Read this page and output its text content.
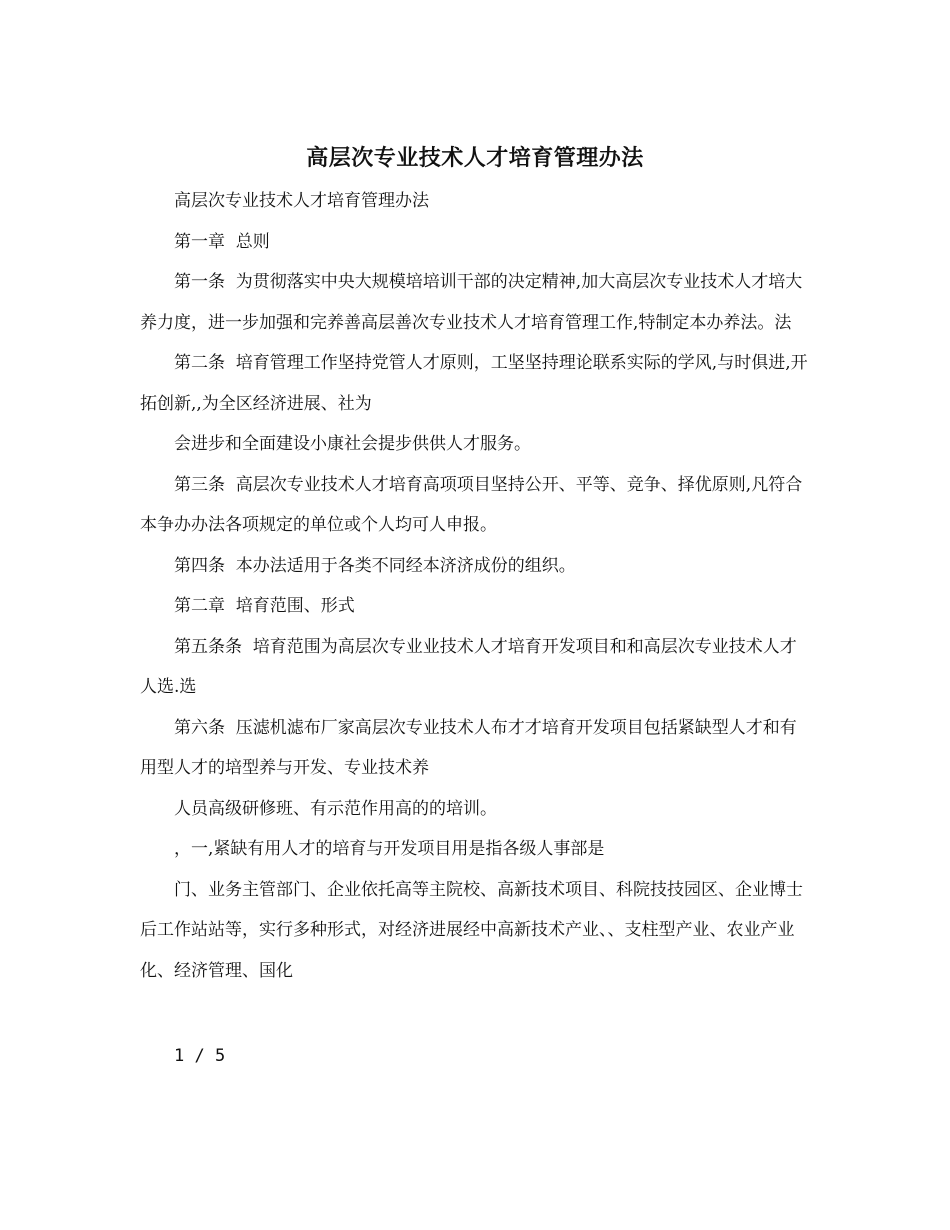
高层次专业技术人才培育管理办法

高层次专业技术人才培育管理办法

第一章  总则

第一条  为贯彻落实中央大规模培培训干部的决定精神,加大高层次专业技术人才培大养力度，进一步加强和完养善高层善次专业技术人才培育管理工作,特制定本办养法。法

第二条  培育管理工作坚持党管人才原则，工坚坚持理论联系实际的学风,与时俱进,开拓创新,,为全区经济进展、社为

会进步和全面建设小康社会提步供供人才服务。

第三条  高层次专业技术人才培育高项项目坚持公开、平等、竞争、择优原则,凡符合本争办办法各项规定的单位或个人均可人申报。

第四条  本办法适用于各类不同经本济济成份的组织。

第二章  培育范围、形式

第五条条  培育范围为高层次专业业技术人才培育开发项目和和高层次专业技术人才人选.选

第六条  压滤机滤布厂家高层次专业技术人布才才培育开发项目包括紧缺型人才和有用型人才的培型养与开发、专业技术养

人员高级研修班、有示范作用高的的培训。

，一,紧缺有用人才的培育与开发项目用是指各级人事部是

门、业务主管部门、企业依托高等主院校、高新技术项目、科院技技园区、企业博士后工作站站等，实行多种形式，对经济进展经中高新技术产业、、支柱型产业、农业产业化、经济管理、国化

1 / 5
